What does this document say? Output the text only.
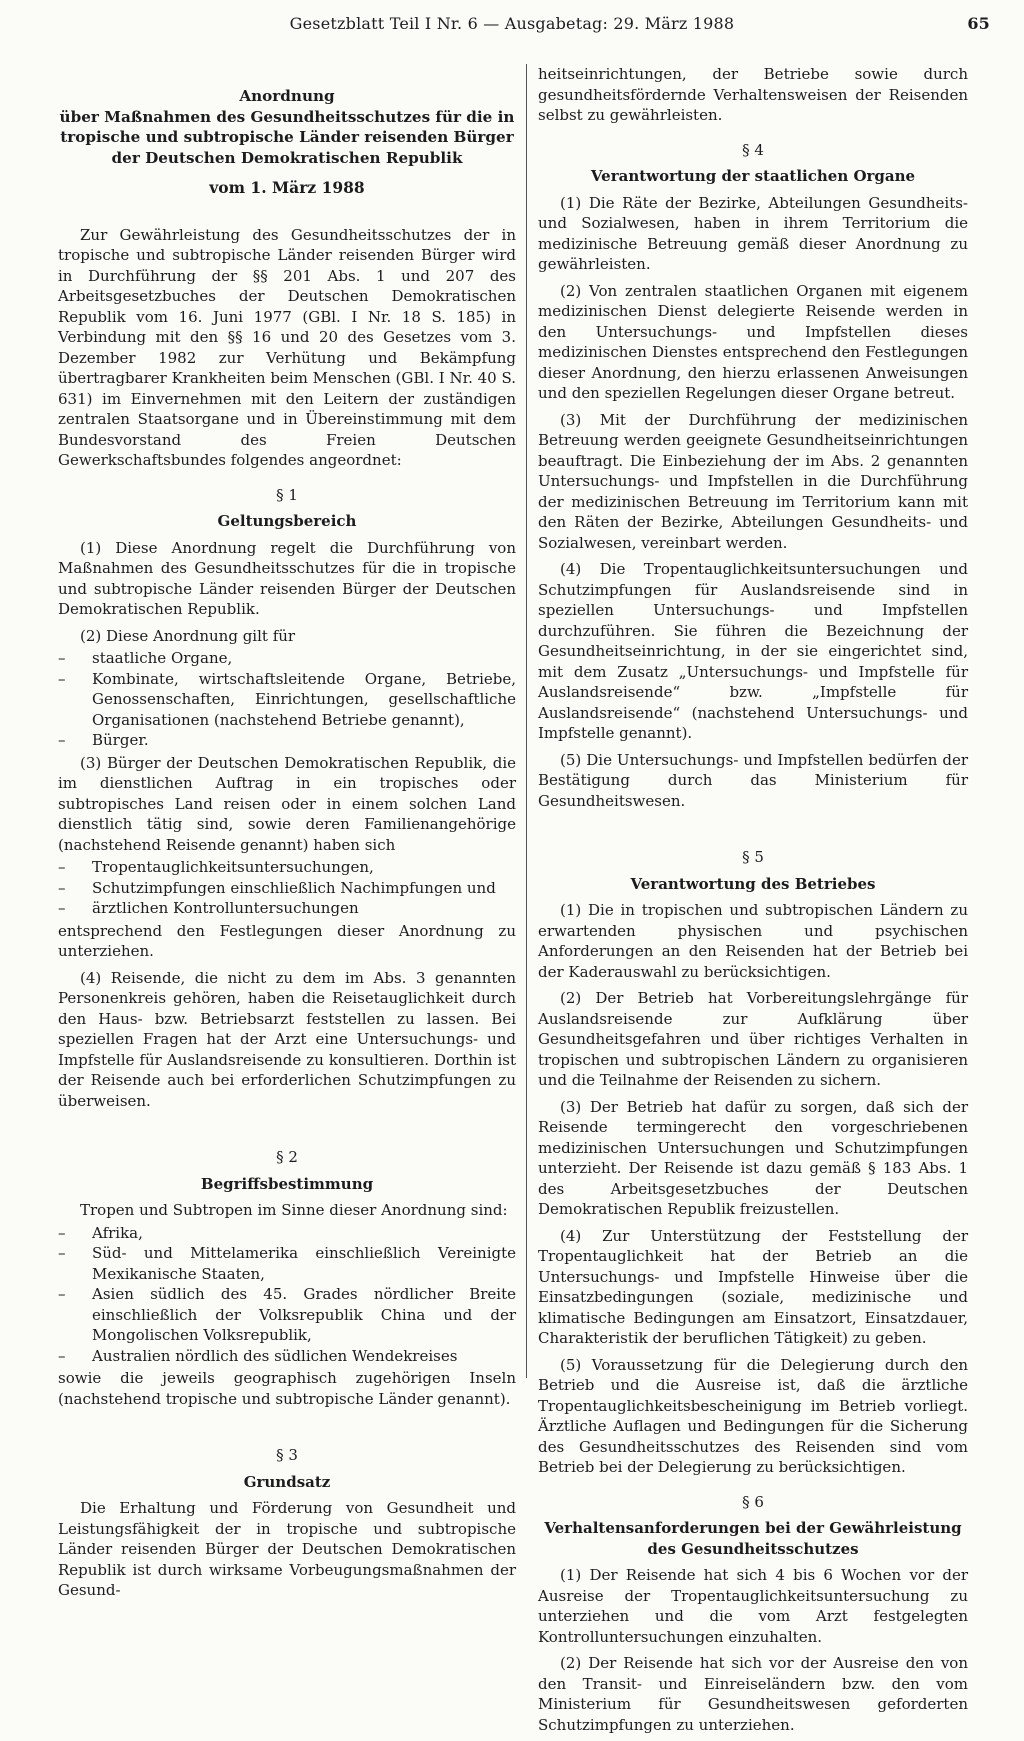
Gesetzblatt Teil I Nr. 6 — Ausgabetag: 29. März 1988	65
Anordnung
über Maßnahmen des Gesundheitsschutzes für die in
tropische und subtropische Länder reisenden Bürger
der Deutschen Demokratischen Republik
vom 1. März 1988

Zur Gewährleistung des Gesundheitsschutzes der in tropische und subtropische Länder reisenden Bürger wird in Durchführung der §§ 201 Abs. 1 und 207 des Arbeitsgesetzbuches der Deutschen Demokratischen Republik vom 16. Juni 1977 (GBl. I Nr. 18 S. 185) in Verbindung mit den §§ 16 und 20 des Gesetzes vom 3. Dezember 1982 zur Verhütung und Bekämpfung übertragbarer Krankheiten beim Menschen (GBl. I Nr. 40 S. 631) im Einvernehmen mit den Leitern der zuständigen zentralen Staatsorgane und in Übereinstimmung mit dem Bundesvorstand des Freien Deutschen Gewerkschaftsbundes folgendes angeordnet:

§ 1
Geltungsbereich

(1) Diese Anordnung regelt die Durchführung von Maßnahmen des Gesundheitsschutzes für die in tropische und subtropische Länder reisenden Bürger der Deutschen Demokratischen Republik.

(2) Diese Anordnung gilt für

– staatliche Organe,
– Kombinate, wirtschaftsleitende Organe, Betriebe, Genossenschaften, Einrichtungen, gesellschaftliche Organisationen (nachstehend Betriebe genannt),
– Bürger.

(3) Bürger der Deutschen Demokratischen Republik, die im dienstlichen Auftrag in ein tropisches oder subtropisches Land reisen oder in einem solchen Land dienstlich tätig sind, sowie deren Familienangehörige (nachstehend Reisende genannt) haben sich

– Tropentauglichkeitsuntersuchungen,
– Schutzimpfungen einschließlich Nachimpfungen und
– ärztlichen Kontrolluntersuchungen

entsprechend den Festlegungen dieser Anordnung zu unterziehen.

(4) Reisende, die nicht zu dem im Abs. 3 genannten Personenkreis gehören, haben die Reisetauglichkeit durch den Haus- bzw. Betriebsarzt feststellen zu lassen. Bei speziellen Fragen hat der Arzt eine Untersuchungs- und Impfstelle für Auslandsreisende zu konsultieren. Dorthin ist der Reisende auch bei erforderlichen Schutzimpfungen zu überweisen.

§ 2
Begriffsbestimmung

Tropen und Subtropen im Sinne dieser Anordnung sind:

– Afrika,
– Süd- und Mittelamerika einschließlich Vereinigte Mexikanische Staaten,
– Asien südlich des 45. Grades nördlicher Breite einschließlich der Volksrepublik China und der Mongolischen Volksrepublik,
– Australien nördlich des südlichen Wendekreises

sowie die jeweils geographisch zugehörigen Inseln (nachstehend tropische und subtropische Länder genannt).

§ 3
Grundsatz

Die Erhaltung und Förderung von Gesundheit und Leistungsfähigkeit der in tropische und subtropische Länder reisenden Bürger der Deutschen Demokratischen Republik ist durch wirksame Vorbeugungsmaßnahmen der Gesund-

heitseinrichtungen, der Betriebe sowie durch gesundheitsfördernde Verhaltensweisen der Reisenden selbst zu gewährleisten.

§ 4
Verantwortung der staatlichen Organe

(1) Die Räte der Bezirke, Abteilungen Gesundheits- und Sozialwesen, haben in ihrem Territorium die medizinische Betreuung gemäß dieser Anordnung zu gewährleisten.

(2) Von zentralen staatlichen Organen mit eigenem medizinischen Dienst delegierte Reisende werden in den Untersuchungs- und Impfstellen dieses medizinischen Dienstes entsprechend den Festlegungen dieser Anordnung, den hierzu erlassenen Anweisungen und den speziellen Regelungen dieser Organe betreut.

(3) Mit der Durchführung der medizinischen Betreuung werden geeignete Gesundheitseinrichtungen beauftragt. Die Einbeziehung der im Abs. 2 genannten Untersuchungs- und Impfstellen in die Durchführung der medizinischen Betreuung im Territorium kann mit den Räten der Bezirke, Abteilungen Gesundheits- und Sozialwesen, vereinbart werden.

(4) Die Tropentauglichkeitsuntersuchungen und Schutzimpfungen für Auslandsreisende sind in speziellen Untersuchungs- und Impfstellen durchzuführen. Sie führen die Bezeichnung der Gesundheitseinrichtung, in der sie eingerichtet sind, mit dem Zusatz „Untersuchungs- und Impfstelle für Auslandsreisende“ bzw. „Impfstelle für Auslandsreisende“ (nachstehend Untersuchungs- und Impfstelle genannt).

(5) Die Untersuchungs- und Impfstellen bedürfen der Bestätigung durch das Ministerium für Gesundheitswesen.

§ 5
Verantwortung des Betriebes

(1) Die in tropischen und subtropischen Ländern zu erwartenden physischen und psychischen Anforderungen an den Reisenden hat der Betrieb bei der Kaderauswahl zu berücksichtigen.

(2) Der Betrieb hat Vorbereitungslehrgänge für Auslandsreisende zur Aufklärung über Gesundheitsgefahren und über richtiges Verhalten in tropischen und subtropischen Ländern zu organisieren und die Teilnahme der Reisenden zu sichern.

(3) Der Betrieb hat dafür zu sorgen, daß sich der Reisende termingerecht den vorgeschriebenen medizinischen Untersuchungen und Schutzimpfungen unterzieht. Der Reisende ist dazu gemäß § 183 Abs. 1 des Arbeitsgesetzbuches der Deutschen Demokratischen Republik freizustellen.

(4) Zur Unterstützung der Feststellung der Tropentauglichkeit hat der Betrieb an die Untersuchungs- und Impfstelle Hinweise über die Einsatzbedingungen (soziale, medizinische und klimatische Bedingungen am Einsatzort, Einsatzdauer, Charakteristik der beruflichen Tätigkeit) zu geben.

(5) Voraussetzung für die Delegierung durch den Betrieb und die Ausreise ist, daß die ärztliche Tropentauglichkeitsbescheinigung im Betrieb vorliegt. Ärztliche Auflagen und Bedingungen für die Sicherung des Gesundheitsschutzes des Reisenden sind vom Betrieb bei der Delegierung zu berücksichtigen.

§ 6
Verhaltensanforderungen bei der Gewährleistung
des Gesundheitsschutzes

(1) Der Reisende hat sich 4 bis 6 Wochen vor der Ausreise der Tropentauglichkeitsuntersuchung zu unterziehen und die vom Arzt festgelegten Kontrolluntersuchungen einzuhalten.

(2) Der Reisende hat sich vor der Ausreise den von den Transit- und Einreiseländern bzw. den vom Ministerium für Gesundheitswesen geforderten Schutzimpfungen zu unterziehen.
